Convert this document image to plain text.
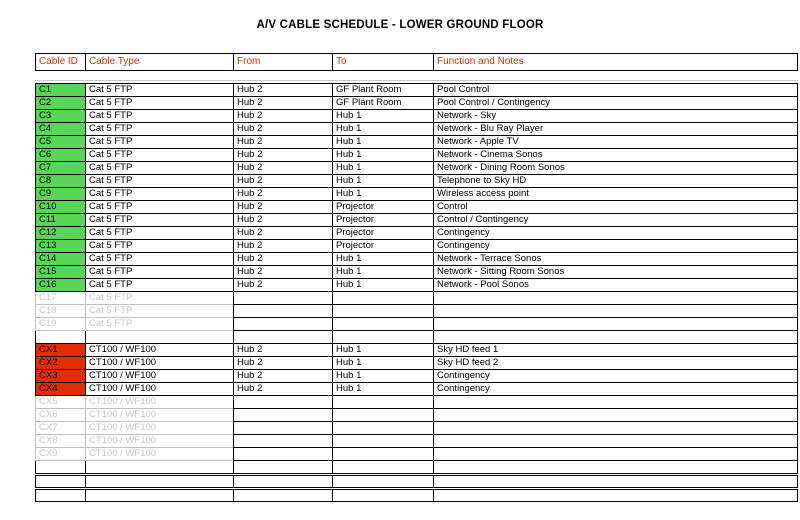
A/V CABLE SCHEDULE - LOWER GROUND FLOOR
Cable ID	Cable Type	From	To	Function and Notes
C1	Cat 5 FTP	Hub 2	GF Plant Room	Pool Control
C2	Cat 5 FTP	Hub 2	GF Plant Room	Pool Control / Contingency
C3	Cat 5 FTP	Hub 2	Hub 1	Network - Sky
C4	Cat 5 FTP	Hub 2	Hub 1	Network - Blu Ray Player
C5	Cat 5 FTP	Hub 2	Hub 1	Network - Apple TV
C6	Cat 5 FTP	Hub 2	Hub 1	Network - Cinema Sonos
C7	Cat 5 FTP	Hub 2	Hub 1	Network - Dining Room Sonos
C8	Cat 5 FTP	Hub 2	Hub 1	Telephone to Sky HD
C9	Cat 5 FTP	Hub 2	Hub 1	Wireless access point
C10	Cat 5 FTP	Hub 2	Projector	Control
C11	Cat 5 FTP	Hub 2	Projector	Control / Contingency
C12	Cat 5 FTP	Hub 2	Projector	Contingency
C13	Cat 5 FTP	Hub 2	Projector	Contingency
C14	Cat 5 FTP	Hub 2	Hub 1	Network - Terrace Sonos
C15	Cat 5 FTP	Hub 2	Hub 1	Network - Sitting Room Sonos
C16	Cat 5 FTP	Hub 2	Hub 1	Network - Pool Sonos
C17	Cat 5 FTP
C18	Cat 5 FTP
C19	Cat 5 FTP
CX1	CT100 / WF100	Hub 2	Hub 1	Sky HD feed 1
CX2	CT100 / WF100	Hub 2	Hub 1	Sky HD feed 2
CX3	CT100 / WF100	Hub 2	Hub 1	Contingency
CX4	CT100 / WF100	Hub 2	Hub 1	Contingency
CX5	CT100 / WF100
CX6	CT100 / WF100
CX7	CT100 / WF100
CX8	CT100 / WF100
CX9	CT100 / WF100
